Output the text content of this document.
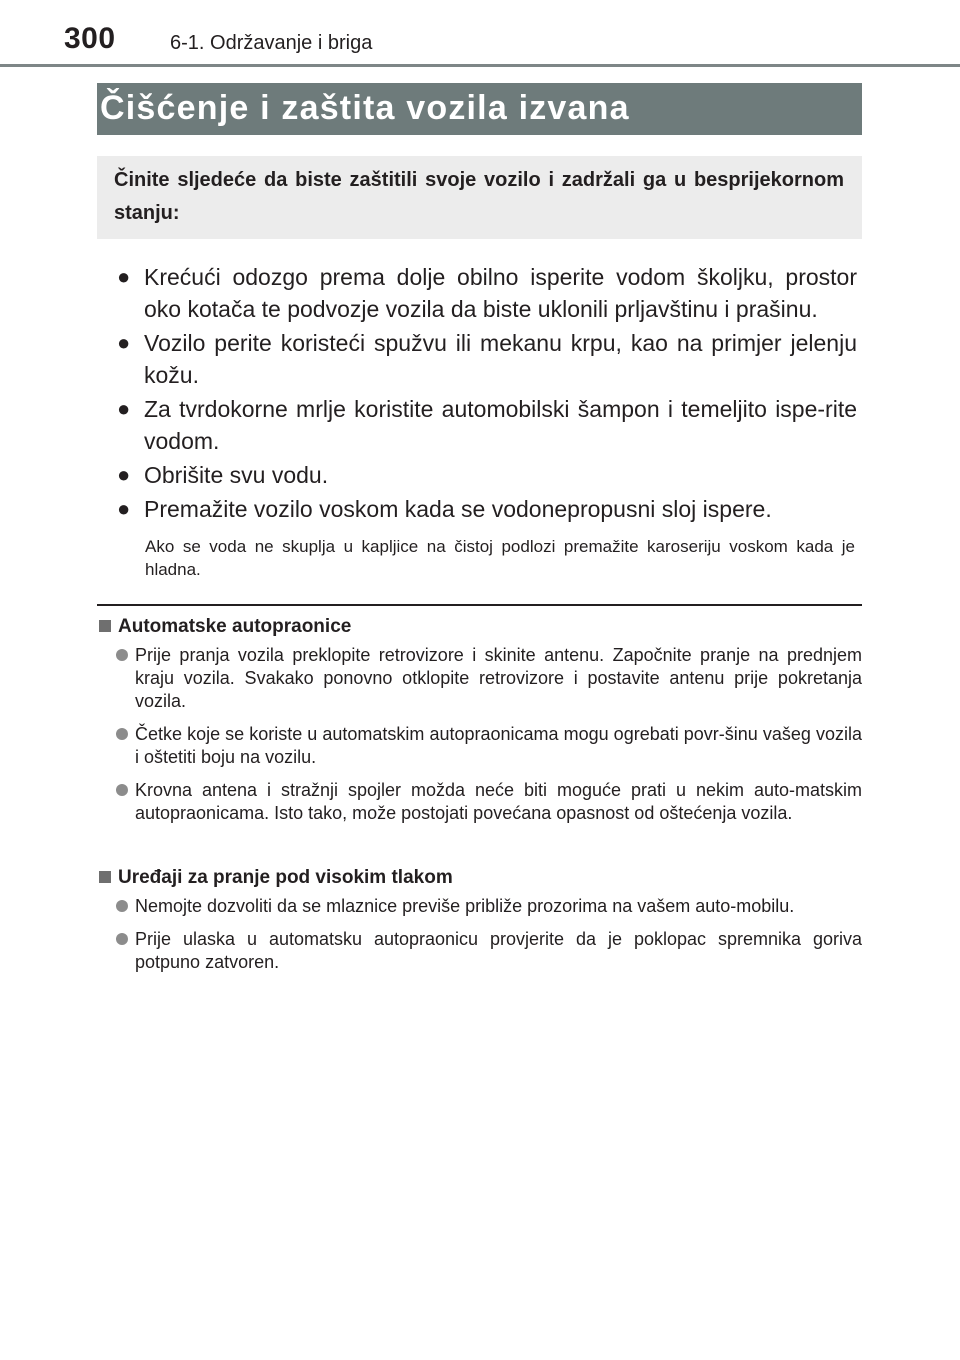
300	6-1. Održavanje i briga
Čišćenje i zaštita vozila izvana
Činite sljedeće da biste zaštitili svoje vozilo i zadržali ga u besprijekornom stanju:
● Krećući odozgo prema dolje obilno isperite vodom školjku, prostor oko kotača te podvozje vozila da biste uklonili prljavštinu i prašinu.
● Vozilo perite koristeći spužvu ili mekanu krpu, kao na primjer jelenju kožu.
● Za tvrdokorne mrlje koristite automobilski šampon i temeljito ispe-rite vodom.
● Obrišite svu vodu.
● Premažite vozilo voskom kada se vodonepropusni sloj ispere.
Ako se voda ne skuplja u kapljice na čistoj podlozi premažite karoseriju voskom kada je hladna.
Automatske autopraonice
Prije pranja vozila preklopite retrovizore i skinite antenu. Započnite pranje na prednjem kraju vozila. Svakako ponovno otklopite retrovizore i postavite antenu prije pokretanja vozila.
Četke koje se koriste u automatskim autopraonicama mogu ogrebati povr-šinu vašeg vozila i oštetiti boju na vozilu.
Krovna antena i stražnji spojler možda neće biti moguće prati u nekim auto-matskim autopraonicama. Isto tako, može postojati povećana opasnost od oštećenja vozila.
Uređaji za pranje pod visokim tlakom
Nemojte dozvoliti da se mlaznice previše približe prozorima na vašem auto-mobilu.
Prije ulaska u automatsku autopraonicu provjerite da je poklopac spremnika goriva potpuno zatvoren.
